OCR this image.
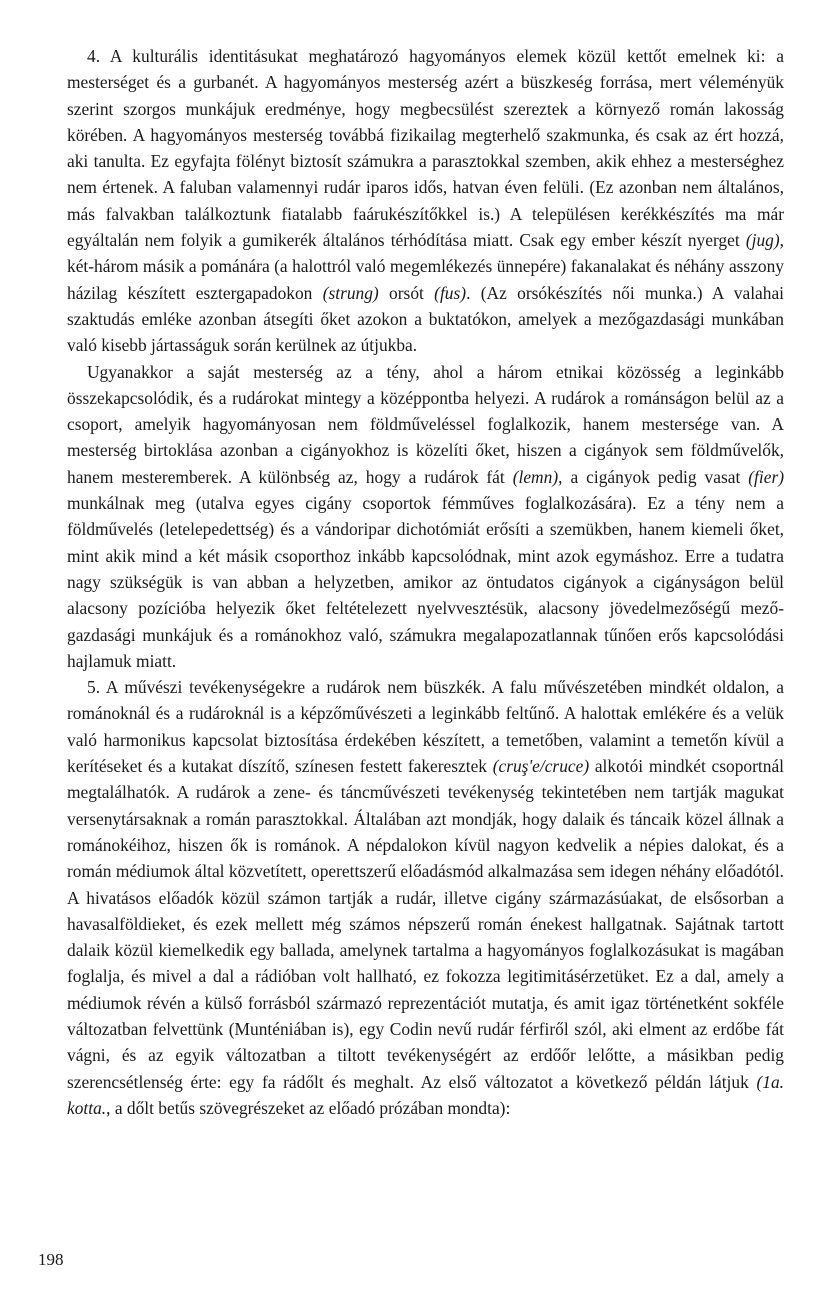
4. A kulturális identitásukat meghatározó hagyományos elemek közül kettőt emelnek ki: a mesterséget és a gurbanét. A hagyományos mesterség azért a büszkeség forrása, mert véleményük szerint szorgos munkájuk eredménye, hogy megbecsülést szereztek a környező román lakosság körében. A hagyományos mesterség továbbá fizikailag megterhelő szakmunka, és csak az ért hozzá, aki tanulta. Ez egyfajta fölényt biztosít számukra a parasztokkal szemben, akik ehhez a mesterséghez nem értenek. A faluban valamennyi rudár iparos idős, hatvan éven felüli. (Ez azonban nem általános, más falvakban találkoztunk fiatalabb faárukészítőkkel is.) A településen kerékkészítés ma már egyáltalán nem folyik a gumikerék általános térhódítása miatt. Csak egy ember készít nyerget (jug), két-három másik a pománára (a halottról való megemlékezés ünnepére) fakanalakat és néhány asszony házilag készített esztergapadokon (strung) orsót (fus). (Az orsókészítés női munka.) A valahai szaktudás emléke azonban átsegíti őket azokon a buktatókon, amelyek a mezőgazdasági munkában való kisebb jártasságuk során kerülnek az útjukba.

Ugyanakkor a saját mesterség az a tény, ahol a három etnikai közösség a leginkább összekapcsolódik, és a rudárokat mintegy a középpontba helyezi. A rudárok a románságon belül az a csoport, amelyik hagyományosan nem földműveléssel foglalkozik, hanem mestersége van. A mesterség birtoklása azonban a cigányokhoz is közelíti őket, hiszen a cigányok sem földművelők, hanem mesteremberek. A különbség az, hogy a rudárok fát (lemn), a cigányok pedig vasat (fier) munkálnak meg (utalva egyes cigány csoportok fémműves foglalkozására). Ez a tény nem a földművelés (letelepedettség) és a vándoripar dichotómiát erősíti a szemükben, hanem kiemeli őket, mint akik mind a két másik csoporthoz inkább kapcsolódnak, mint azok egymáshoz. Erre a tudatra nagy szükségük is van abban a helyzetben, amikor az öntudatos cigányok a cigányságon belül alacsony pozícióba helyezik őket feltételezett nyelvvesztésük, alacsony jövedelmezőségű mezőgazdasági munkájuk és a románokhoz való, számukra megalapozatlannak tűnően erős kapcsolódási hajlamuk miatt.

5. A művészi tevékenységekre a rudárok nem büszkék. A falu művészetében mindkét oldalon, a románoknál és a rudároknál is a képzőművészeti a leginkább feltűnő. A halottak emlékére és a velük való harmonikus kapcsolat biztosítása érdekében készített, a temetőben, valamint a temetőn kívül a kerítéseket és a kutakat díszítő, színesen festett fakeresztek (cruş'e/cruce) alkotói mindkét csoportnál megtalálhatók. A rudárok a zene- és táncművészeti tevékenység tekintetében nem tartják magukat versenytársaknak a román parasztokkal. Általában azt mondják, hogy dalaik és táncaik közel állnak a románokéihoz, hiszen ők is románok. A népdalokon kívül nagyon kedvelik a népies dalokat, és a román médiumok által közvetített, operettszerű előadásmód alkalmazása sem idegen néhány előadótól. A hivatásos előadók közül számon tartják a rudár, illetve cigány származásúakat, de elsősorban a havasalföldieket, és ezek mellett még számos népszerű román énekest hallgatnak. Sajátnak tartott dalaik közül kiemelkedik egy ballada, amelynek tartalma a hagyományos foglalkozásukat is magában foglalja, és mivel a dal a rádióban volt hallható, ez fokozza legitimitásérzetüket. Ez a dal, amely a médiumok révén a külső forrásból származó reprezentációt mutatja, és amit igaz történetként sokféle változatban felvettünk (Munténiában is), egy Codin nevű rudár férfiről szól, aki elment az erdőbe fát vágni, és az egyik változatban a tiltott tevékenységért az erdőőr lelőtte, a másikban pedig szerencsétlenség érte: egy fa rádőlt és meghalt. Az első változatot a következő példán látjuk (1a. kotta., a dőlt betűs szövegrészeket az előadó prózában mondta):

198
